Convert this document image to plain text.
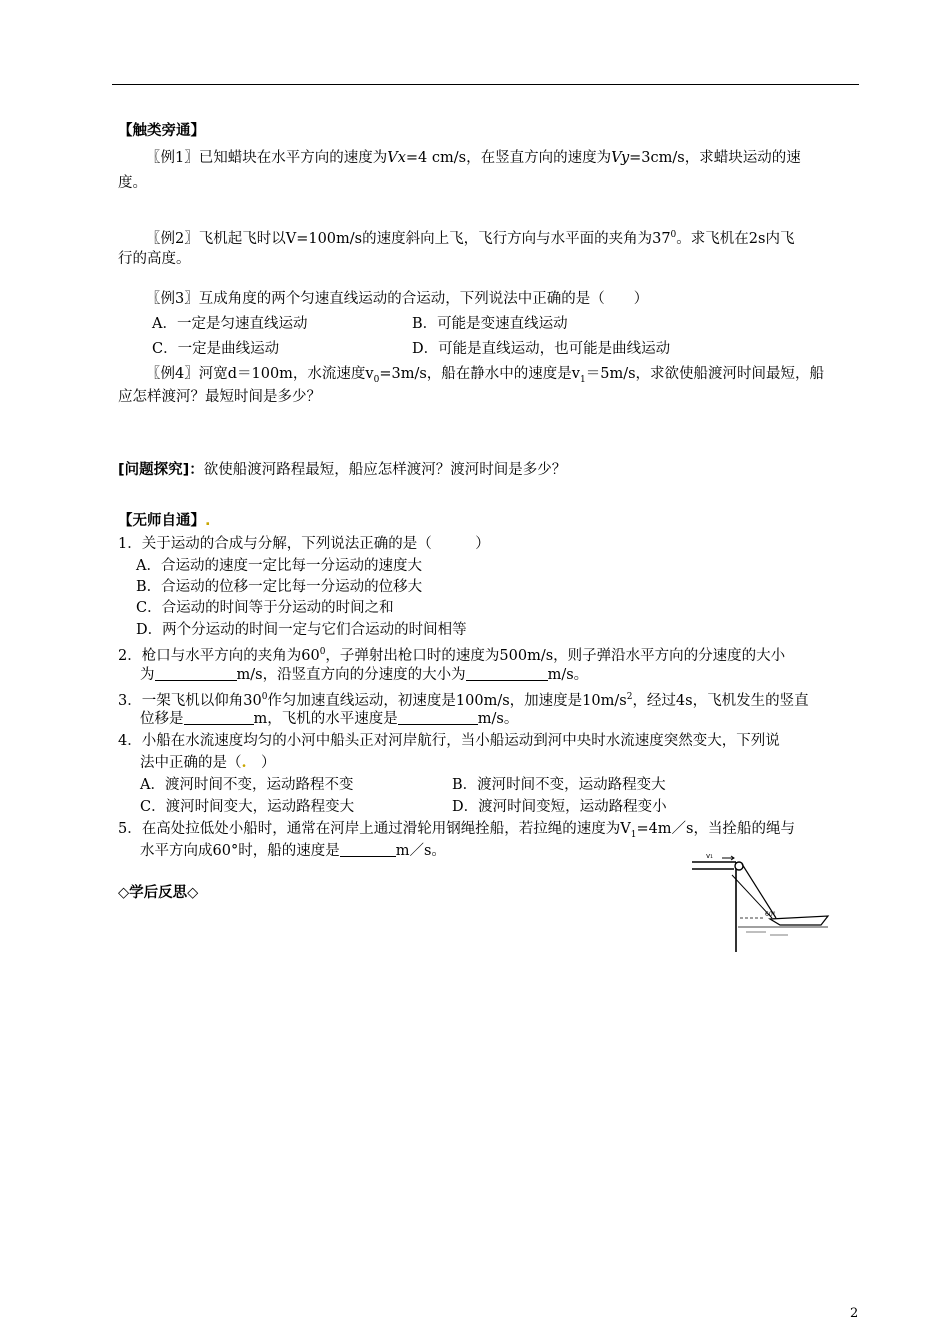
【触类旁通】
〖例1〗已知蜡块在水平方向的速度为Vx=4 cm/s，在竖直方向的速度为Vy=3cm/s，求蜡块运动的速
度。
〖例2〗飞机起飞时以V=100m/s的速度斜向上飞，飞行方向与水平面的夹角为$37^0$。求飞机在2s内飞
行的高度。
〖例3〗互成角度的两个匀速直线运动的合运动，下列说法中正确的是（　　）
A．一定是匀速直线运动	B．可能是变速直线运动
C．一定是曲线运动	D．可能是直线运动，也可能是曲线运动
〖例4〗河宽d＝100m，水流速度$v_0=3m/s$，船在静水中的速度是$v_1=5m/s$，求欲使船渡河时间最短，船
应怎样渡河？最短时间是多少？
[问题探究]：欲使船渡河路程最短，船应怎样渡河？渡河时间是多少？
【无师自通】.
1．关于运动的合成与分解，下列说法正确的是（　　　）
A．合运动的速度一定比每一分运动的速度大
B．合运动的位移一定比每一分运动的位移大
C．合运动的时间等于分运动的时间之和
D．两个分运动的时间一定与它们合运动的时间相等
2．枪口与水平方向的夹角为$60^0$，子弹射出枪口时的速度为500m/s，则子弹沿水平方向的分速度的大小
为	m/s，沿竖直方向的分速度的大小为	m/s。
3．一架飞机以仰角$30^0$作匀加速直线运动，初速度是100m/s，加速度是$10m/s^2$，经过4s，飞机发生的竖直
位移是	m，飞机的水平速度是	m/s。
4．小船在水流速度均匀的小河中船头正对河岸航行，当小船运动到河中央时水流速度突然变大，下列说
法中正确的是（.　）
A．渡河时间不变，运动路程不变	B．渡河时间不变，运动路程变大
C．渡河时间变大，运动路程变大	D．渡河时间变短，运动路程变小
5．在高处拉低处小船时，通常在河岸上通过滑轮用钢绳拴船，若拉绳的速度为$V_1=4m/s$，当拴船的绳与
水平方向成60°时，船的速度是	m／s。
◇学后反思◇
v₁
60°
2
